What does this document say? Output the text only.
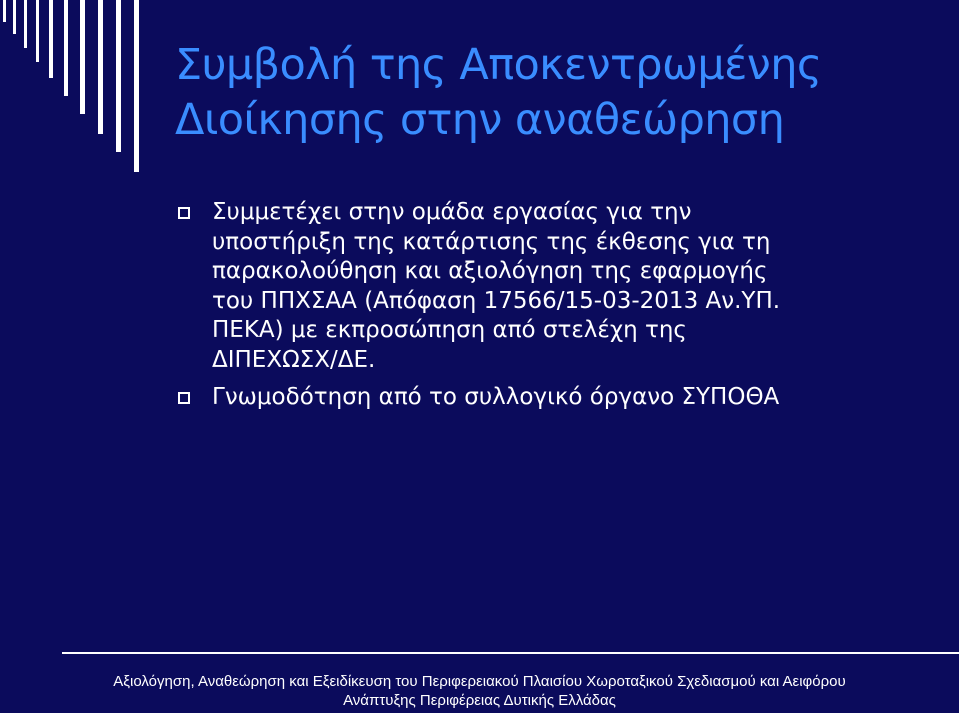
Συμβολή της Αποκεντρωμένης
Διοίκησης στην αναθεώρηση
Συμμετέχει στην ομάδα εργασίας για την
υποστήριξη της κατάρτισης της έκθεσης για τη
παρακολούθηση και αξιολόγηση της εφαρμογής
του ΠΠΧΣΑΑ (Απόφαση 17566/15-03-2013 Αν.ΥΠ.
ΠΕΚΑ) με εκπροσώπηση από στελέχη της
ΔΙΠΕΧΩΣΧ/ΔΕ.
Γνωμοδότηση από το συλλογικό όργανο ΣΥΠΟΘΑ
Αξιολόγηση, Αναθεώρηση και Εξειδίκευση του Περιφερειακού Πλαισίου Χωροταξικού Σχεδιασμού και Αειφόρου
Ανάπτυξης Περιφέρειας Δυτικής Ελλάδας
